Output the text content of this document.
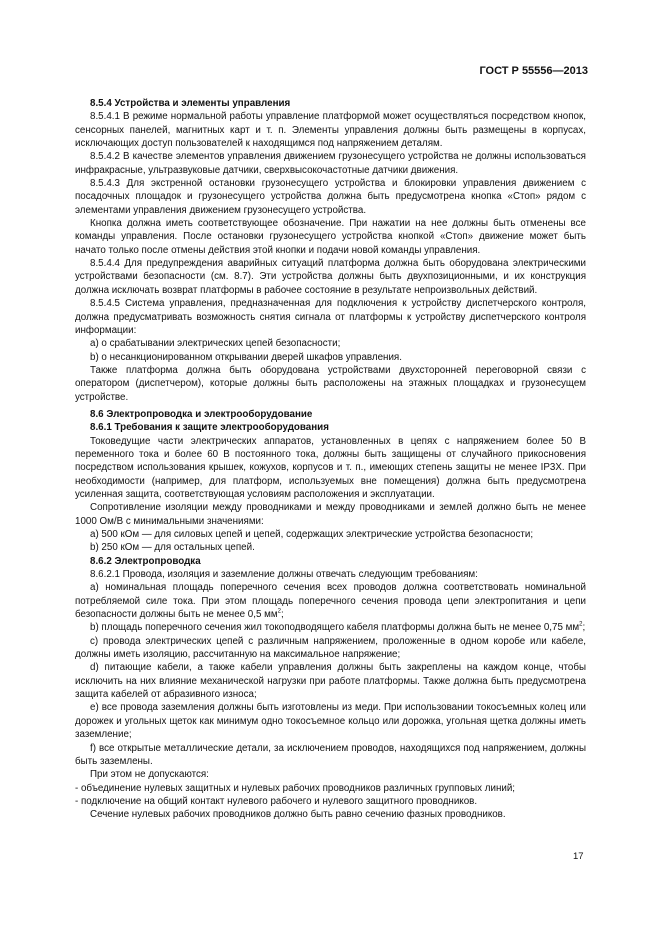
ГОСТ Р 55556—2013

8.5.4 Устройства и элементы управления

8.5.4.1 В режиме нормальной работы управление платформой может осуществляться посредством кнопок, сенсорных панелей, магнитных карт и т. п. Элементы управления должны быть размещены в корпусах, исключающих доступ пользователей к находящимся под напряжением деталям.

8.5.4.2 В качестве элементов управления движением грузонесущего устройства не должны использоваться инфракрасные, ультразвуковые датчики, сверхвысокочастотные датчики движения.

8.5.4.3 Для экстренной остановки грузонесущего устройства и блокировки управления движением с посадочных площадок и грузонесущего устройства должна быть предусмотрена кнопка «Стоп» рядом с элементами управления движением грузонесущего устройства.

Кнопка должна иметь соответствующее обозначение. При нажатии на нее должны быть отменены все команды управления. После остановки грузонесущего устройства кнопкой «Стоп» движение может быть начато только после отмены действия этой кнопки и подачи новой команды управления.

8.5.4.4 Для предупреждения аварийных ситуаций платформа должна быть оборудована электрическими устройствами безопасности (см. 8.7). Эти устройства должны быть двухпозиционными, и их конструкция должна исключать возврат платформы в рабочее состояние в результате непроизвольных действий.

8.5.4.5 Система управления, предназначенная для подключения к устройству диспетчерского контроля, должна предусматривать возможность снятия сигнала от платформы к устройству диспетчерского контроля информации:

а) о срабатывании электрических цепей безопасности;

b) о несанкционированном открывании дверей шкафов управления.

Также платформа должна быть оборудована устройствами двухсторонней переговорной связи с оператором (диспетчером), которые должны быть расположены на этажных площадках и грузонесущем устройстве.

8.6 Электропроводка и электрооборудование

8.6.1 Требования к защите электрооборудования

Токоведущие части электрических аппаратов, установленных в цепях с напряжением более 50 В переменного тока и более 60 В постоянного тока, должны быть защищены от случайного прикосновения посредством использования крышек, кожухов, корпусов и т. п., имеющих степень защиты не менее IP3X. При необходимости (например, для платформ, используемых вне помещения) должна быть предусмотрена усиленная защита, соответствующая условиям расположения и эксплуатации.

Сопротивление изоляции между проводниками и между проводниками и землей должно быть не менее 1000 Ом/В с минимальными значениями:

а) 500 кОм — для силовых цепей и цепей, содержащих электрические устройства безопасности;

b) 250 кОм — для остальных цепей.

8.6.2 Электропроводка

8.6.2.1 Провода, изоляция и заземление должны отвечать следующим требованиям:

а) номинальная площадь поперечного сечения всех проводов должна соответствовать номинальной потребляемой силе тока. При этом площадь поперечного сечения провода цепи электропитания и цепи безопасности должны быть не менее 0,5 $мм^2$;

b) площадь поперечного сечения жил токоподводящего кабеля платформы должна быть не менее 0,75 $мм^2$;

с) провода электрических цепей с различным напряжением, проложенные в одном коробе или кабеле, должны иметь изоляцию, рассчитанную на максимальное напряжение;

d) питающие кабели, а также кабели управления должны быть закреплены на каждом конце, чтобы исключить на них влияние механической нагрузки при работе платформы. Также должна быть предусмотрена защита кабелей от абразивного износа;

е) все провода заземления должны быть изготовлены из меди. При использовании токосъемных колец или дорожек и угольных щеток как минимум одно токосъемное кольцо или дорожка, угольная щетка должны иметь заземление;

f) все открытые металлические детали, за исключением проводов, находящихся под напряжением, должны быть заземлены.

При этом не допускаются:

- объединение нулевых защитных и нулевых рабочих проводников различных групповых линий;

- подключение на общий контакт нулевого рабочего и нулевого защитного проводников.

Сечение нулевых рабочих проводников должно быть равно сечению фазных проводников.

17
